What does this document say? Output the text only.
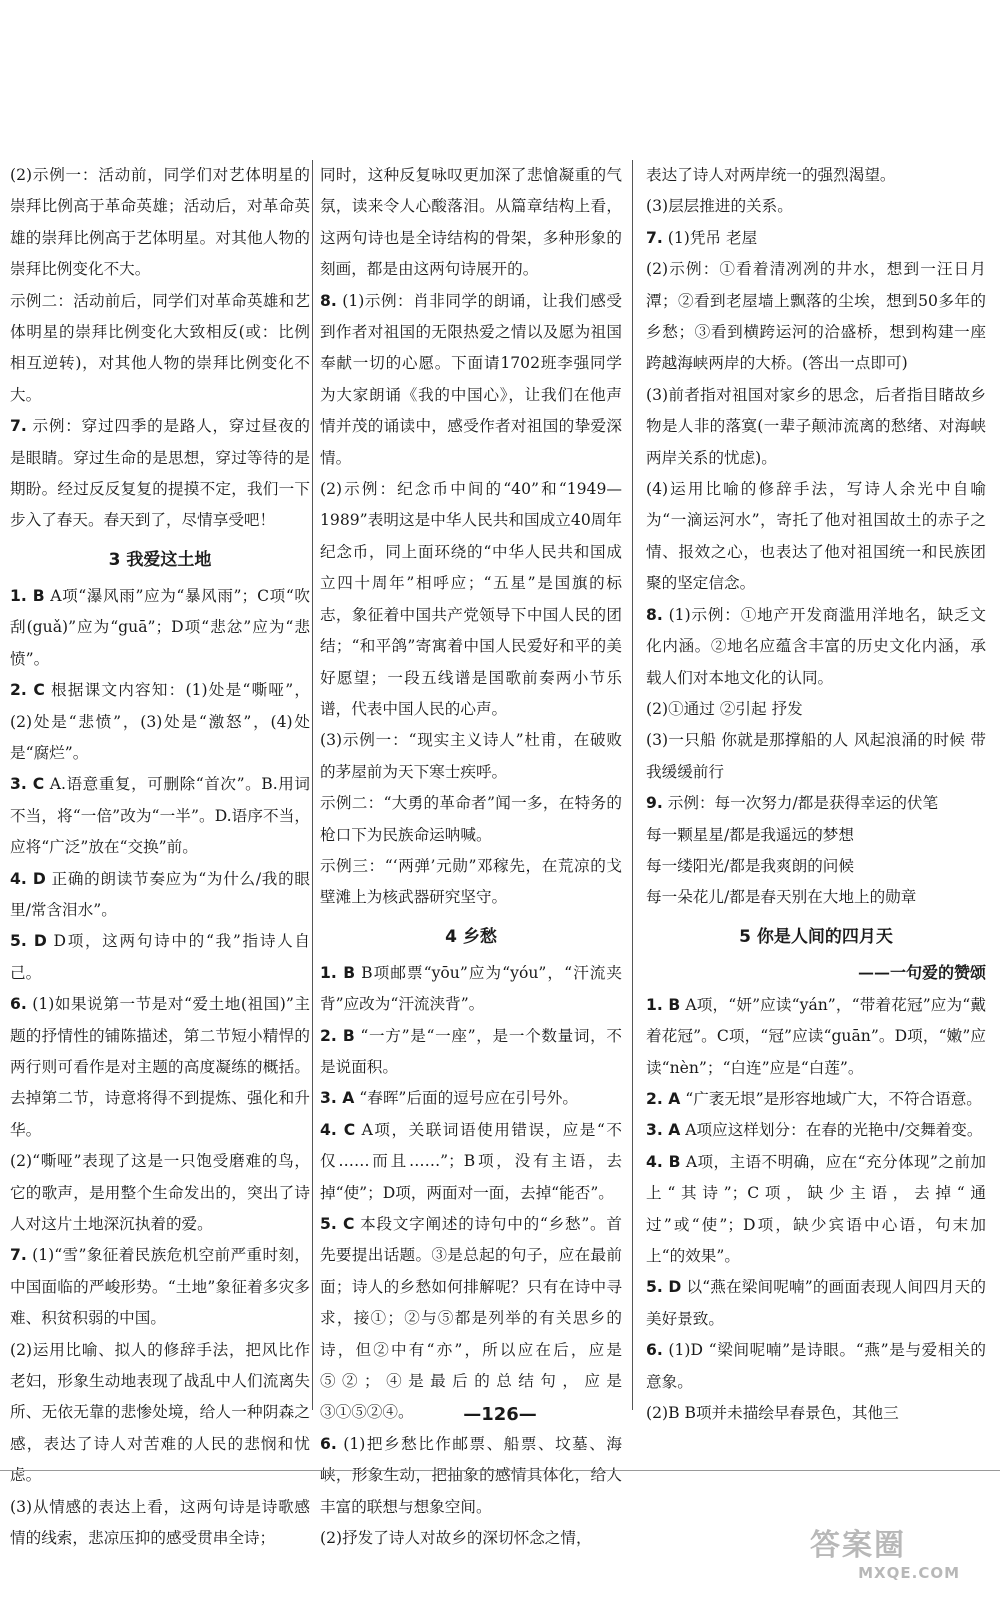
(2)示例一：活动前，同学们对艺体明星的崇拜比例高于革命英雄；活动后，对革命英雄的崇拜比例高于艺体明星。对其他人物的崇拜比例变化不大。
示例二：活动前后，同学们对革命英雄和艺体明星的崇拜比例变化大致相反(或：比例相互逆转)，对其他人物的崇拜比例变化不大。
7. 示例：穿过四季的是路人，穿过昼夜的是眼睛。穿过生命的是思想，穿过等待的是期盼。经过反反复复的提摸不定，我们一下步入了春天。春天到了，尽情享受吧！
3 我爱这土地
1. B A项“瀑风雨”应为“暴风雨”；C项“吹刮(guǎ)”应为“guā”；D项“悲忿”应为“悲愤”。
2. C 根据课文内容知：(1)处是“嘶哑”，(2)处是“悲愤”，(3)处是“激怒”，(4)处是“腐烂”。
3. C A.语意重复，可删除“首次”。B.用词不当，将“一倍”改为“一半”。D.语序不当，应将“广泛”放在“交换”前。
4. D 正确的朗读节奏应为“为什么/我的眼里/常含泪水”。
5. D D项，这两句诗中的“我”指诗人自己。
6. (1)如果说第一节是对“爱土地(祖国)”主题的抒情性的铺陈描述，第二节短小精悍的两行则可看作是对主题的高度凝练的概括。去掉第二节，诗意将得不到提炼、强化和升华。
(2)“嘶哑”表现了这是一只饱受磨难的鸟，它的歌声，是用整个生命发出的，突出了诗人对这片土地深沉执着的爱。
7. (1)“雪”象征着民族危机空前严重时刻，中国面临的严峻形势。“土地”象征着多灾多难、积贫积弱的中国。
(2)运用比喻、拟人的修辞手法，把风比作老妇，形象生动地表现了战乱中人们流离失所、无依无靠的悲惨处境，给人一种阴森之感，表达了诗人对苦难的人民的悲悯和忧虑。
(3)从情感的表达上看，这两句诗是诗歌感情的线索，悲凉压抑的感受贯串全诗；
同时，这种反复咏叹更加深了悲愴凝重的气氛，读来令人心酸落泪。从篇章结构上看，这两句诗也是全诗结构的骨架，多种形象的刻画，都是由这两句诗展开的。
8. (1)示例：肖非同学的朗诵，让我们感受到作者对祖国的无限热爱之情以及愿为祖国奉献一切的心愿。下面请1702班李强同学为大家朗诵《我的中国心》，让我们在他声情并茂的诵读中，感受作者对祖国的挚爱深情。
(2)示例：纪念币中间的“40”和“1949—1989”表明这是中华人民共和国成立40周年纪念币，同上面环绕的“中华人民共和国成立四十周年”相呼应；“五星”是国旗的标志，象征着中国共产党领导下中国人民的团结；“和平鸽”寄寓着中国人民爱好和平的美好愿望；一段五线谱是国歌前奏两小节乐谱，代表中国人民的心声。
(3)示例一：“现实主义诗人”杜甫，在破败的茅屋前为天下寒士疾呼。
示例二：“大勇的革命者”闻一多，在特务的枪口下为民族命运呐喊。
示例三：“‘两弹’元勋”邓稼先，在荒凉的戈壁滩上为核武器研究坚守。
4 乡愁
1. B B项邮票“yōu”应为“yóu”，“汗流夹背”应改为“汗流浃背”。
2. B “一方”是“一座”，是一个数量词，不是说面积。
3. A “春晖”后面的逗号应在引号外。
4. C A项，关联词语使用错误，应是“不仅……而且……”；B项，没有主语，去掉“使”；D项，两面对一面，去掉“能否”。
5. C 本段文字阐述的诗句中的“乡愁”。首先要提出话题。③是总起的句子，应在最前面；诗人的乡愁如何排解呢？只有在诗中寻求，接①；②与⑤都是列举的有关思乡的诗，但②中有“亦”，所以应在后，应是⑤②；④是最后的总结句，应是③①⑤②④。
6. (1)把乡愁比作邮票、船票、坟墓、海峡，形象生动，把抽象的感情具体化，给人丰富的联想与想象空间。
(2)抒发了诗人对故乡的深切怀念之情，
表达了诗人对两岸统一的强烈渴望。
(3)层层推进的关系。
7. (1)凭吊 老屋
(2)示例：①看着清冽冽的井水，想到一汪日月潭；②看到老屋墙上飘落的尘埃，想到50多年的乡愁；③看到横跨运河的洽盛桥，想到构建一座跨越海峡两岸的大桥。(答出一点即可)
(3)前者指对祖国对家乡的思念，后者指目睹故乡物是人非的落寞(一辈子颠沛流离的愁绪、对海峡两岸关系的忧虑)。
(4)运用比喻的修辞手法，写诗人余光中自喻为“一滴运河水”，寄托了他对祖国故土的赤子之情、报效之心，也表达了他对祖国统一和民族团聚的坚定信念。
8. (1)示例：①地产开发商滥用洋地名，缺乏文化内涵。②地名应蕴含丰富的历史文化内涵，承载人们对本地文化的认同。
(2)①通过 ②引起 抒发
(3)一只船 你就是那撑船的人 风起浪涌的时候 带我缓缓前行
9. 示例：每一次努力/都是获得幸运的伏笔
每一颗星星/都是我遥远的梦想
每一缕阳光/都是我爽朗的问候
每一朵花儿/都是春天别在大地上的勋章
5 你是人间的四月天
——一句爱的赞颂
1. B A项，“妍”应读“yán”，“带着花冠”应为“戴着花冠”。C项，“冠”应读“guān”。D项，“嫩”应读“nèn”；“白连”应是“白莲”。
2. A “广袤无垠”是形容地域广大，不符合语意。
3. A A项应这样划分：在春的光艳中/交舞着变。
4. B A项，主语不明确，应在“充分体现”之前加上“其诗”；C项，缺少主语，去掉“通过”或“使”；D项，缺少宾语中心语，句末加上“的效果”。
5. D 以“燕在梁间呢喃”的画面表现人间四月天的美好景致。
6. (1)D “梁间呢喃”是诗眼。“燕”是与爱相关的意象。
(2)B B项并未描绘早春景色，其他三
—126—
答案圈
MXQE.COM
